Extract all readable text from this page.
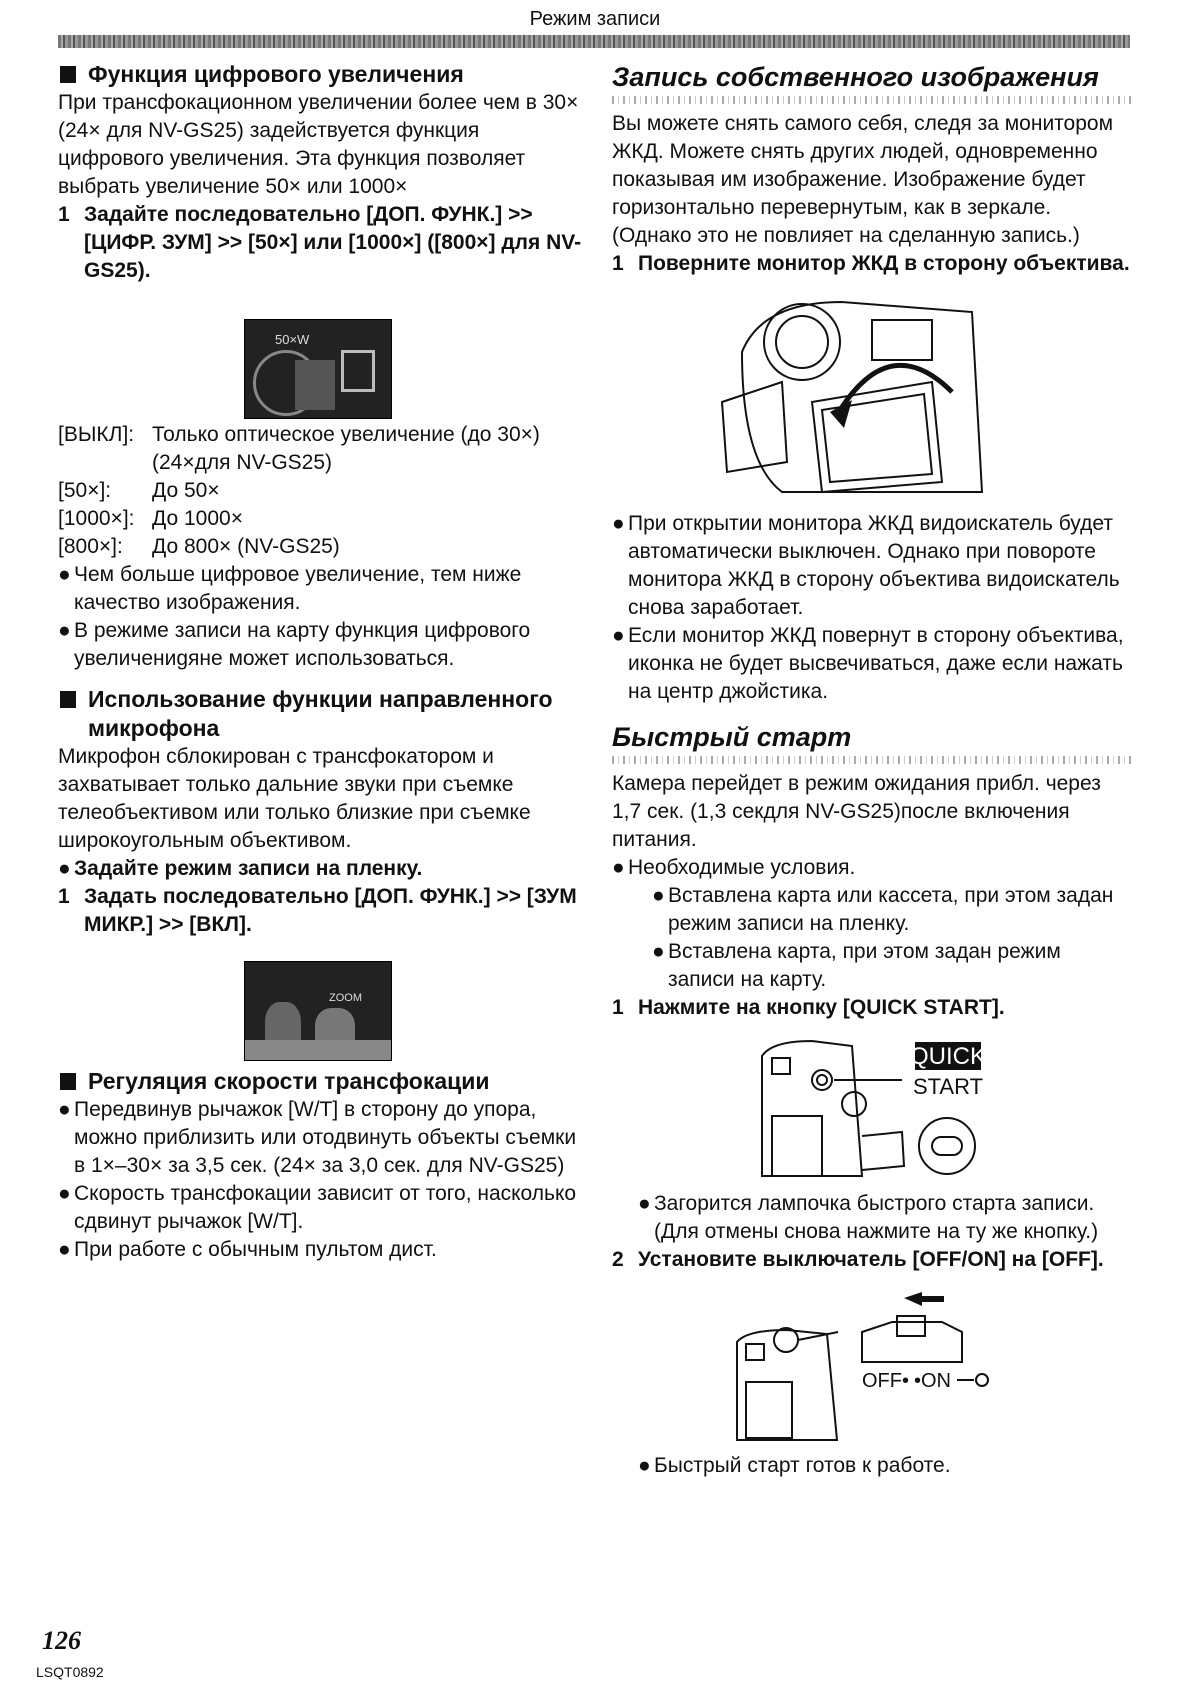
Режим записи

Функция цифрового увеличения

При трансфокационном увеличении более чем в 30× (24× для NV-GS25) задействуется функция цифрового увеличения. Эта функция позволяет выбрать увеличение 50× или 1000×

1 Задайте последовательно [ДОП. ФУНК.] >> [ЦИФР. ЗУМ] >> [50×] или [1000×] ([800×] для NV-GS25).

50×W
[ВЫКЛ]: Только оптическое увеличение (до 30×) (24×для NV-GS25)
[50×]:	До 50×
[1000×]: До 1000×
[800×]:	До 800× (NV-GS25)

● Чем больше цифровое увеличение, тем ниже качество изображения.

● В режиме записи на карту функция цифрового увеличениgяне может использоваться.

Использование функции направленного микрофона

Микрофон сблокирован с трансфокатором и захватывает только дальние звуки при съемке телеобъективом или только близкие при съемке широкоугольным объективом.

● Задайте режим записи на пленку.

1 Задать последовательно [ДОП. ФУНК.] >> [ЗУМ МИКР.] >> [ВКЛ].

ZOOM

Регуляция скорости трансфокации

● Передвинув рычажок [W/T] в сторону до упора, можно приблизить или отодвинуть объекты съемки в 1×–30× за 3,5 сек. (24× за 3,0 сек. для NV-GS25)

● Скорость трансфокации зависит от того, насколько сдвинут рычажок [W/T].

● При работе с обычным пультом дист.

Запись собственного изображения

Вы можете снять самого себя, следя за монитором ЖКД. Можете снять других людей, одновременно показывая им изображение. Изображение будет горизонтально перевернутым, как в зеркале. (Однако это не повлияет на сделанную запись.)

1 Поверните монитор ЖКД в сторону объектива.

● При открытии монитора ЖКД видоискатель будет автоматически выключен. Однако при повороте монитора ЖКД в сторону объектива видоискатель снова заработает.

● Если монитор ЖКД повернут в сторону объектива, иконка не будет высвечиваться, даже если нажать на центр джойстика.

Быстрый старт

Камера перейдет в режим ожидания прибл. через 1,7 сек. (1,3 секдля NV-GS25)после включения питания.

● Необходимые условия.

● Вставлена карта или кассета, при этом задан режим записи на пленку.

● Вставлена карта, при этом задан режим записи на карту.

1 Нажмите на кнопку [QUICK START].

QUICK
START

● Загорится лампочка быстрого старта записи. (Для отмены снова нажмите на ту же кнопку.)

2 Установите выключатель [OFF/ON] на [OFF].

OFF• •ON

● Быстрый старт готов к работе.

126
LSQT0892
